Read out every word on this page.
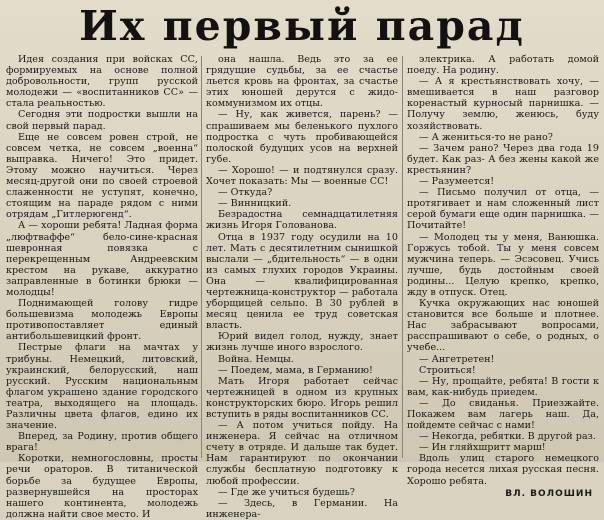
Их первый парад

Идея создания при войсках СС, формируемых на основе полной добровольности, групп русской молодежи — «воспитанников СС» — стала реальностью.

Сегодня эти подростки вышли на свой первый парад.

Еще не совсем ровен строй, не совсем четка, не совсем „военна“ выправка. Ничего! Это придет. Этому можно научиться. Через месяц-другой они по своей строевой слаженности не уступят, конечно, стоящим на параде рядом с ними отрядам „Гитлерюгенд“.

А — хороши ребята! Ладная форма „люфтваффе“ бело-сине-красная шевронная повязка с перекрещенным Андреевским крестом на рукаве, аккуратно заправленные в ботинки брюки — молодцы!

Поднимающей голову гидре большевизма молодежь Европы противопоставляет единый антибольшевицкий фронт.

Пестрые флаги на мачтах у трибуны. Немецкий, литовский, украинский, белорусский, наш русский. Русским национальным флагом украшено здание городского театра, выходящего на площадь. Различны цвета флагов, едино их значение.

Вперед, за Родину, против общего врага!

Коротки, немногословны, просты речи ораторов. В титанической борьбе за будущее Европы, развернувшейся на просторах нашего континента, молодежь должна найти свое место. И

она нашла. Ведь это за ее грядущие судьбы, за ее счастье льется кровь на фронтах, за счастье этих юношей дерутся с жидо-коммунизмом их отцы.

— Ну, как живется, парень? — спрашиваем мы беленького пухлого подростка с чуть пробивающейся полоской будущих усов на верхней губе.

— Хорошо! — и подтянулся сразу. Хочет показать: Мы — военные СС!

— Откуда?

— Винницкий.

Безрадостна семнадцатилетняя жизнь Игоря Голованова.

Отца в 1937 году осудили на 10 лет. Мать с десятилетним сынишкой выслали — „бдительность“ — в одни из самых глухих городов Украины. Она — квалифицированная чертежница-конструктор — работала уборщицей сельпо. В 30 рублей в месяц ценила ее труд советская власть.

Юрий видел голод, нужду, знает жизнь лучше иного взрослого.

Война. Немцы.

— Поедем, мама, в Германию!

Мать Игоря работает сейчас чертежницей в одном из крупных конструкторских бюро. Игорь решил вступить в ряды воспитанников СС.

— А потом учиться пойду. На инженера. Я сейчас на отличном счету в отряде. И дальше так будет. Нам гарантируют по окончании службы бесплатную подготовку к любой профессии.

— Где же учиться будешь?

— Здесь, в Германии. На инженера-

электрика. А работать домой поеду. На родину.

— А я крестьянствовать хочу, — вмешивается в наш разговор коренастый курносый парнишка. — Получу землю, женюсь, буду хозяйствовать.

— А жениться-то не рано?

— Зачем рано? Через два года 19 будет. Как раз- А без жены какой же крестьянин?

— Разумеется!

— Письмо получил от отца, — протягивает и нам сложенный лист серой бумаги еще один парнишка. — Почитайте!

— Молодец ты у меня, Ванюшка. Горжусь тобой. Ты у меня совсем мужчина теперь. — Эсэсовец. Учись лучше, будь достойным своей родины... Целую крепко, крепко, жду в отпуск. Отец.

Кучка окружающих нас юношей становится все больше и плотнее. Нас забрасывают вопросами, расспрашивают о себе, о родных, о учебе...

— Ангетретен!

Строиться!

— Ну, прощайте, ребята! В гости к вам, как-нибудь приедем.

— До свиданья. Приезжайте. Покажем вам лагерь наш. Да, пойдемте сейчас с нами!

— Некогда, ребятки. В другой раз.

— Ин гляйхшритт марш!

Вдоль улиц старого немецкого города несется лихая русская песня. Хорошо ребята.

ВЛ. ВОЛОШИН
